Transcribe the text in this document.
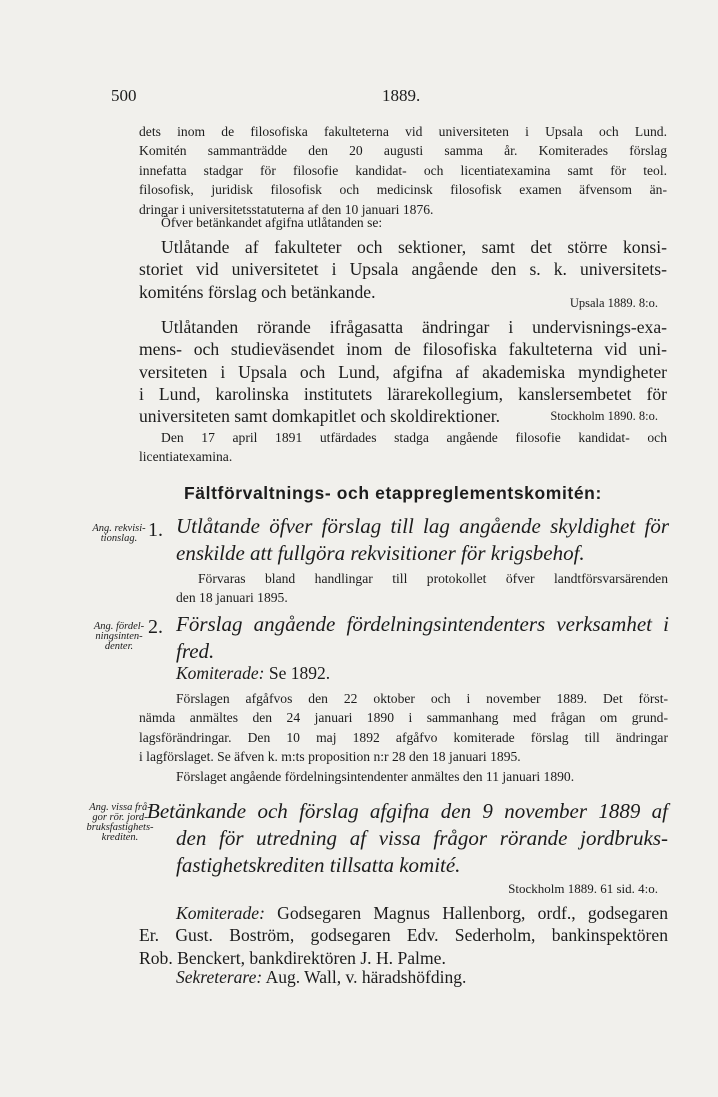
500	1889.
dets inom de filosofiska fakulteterna vid universiteten i Upsala och Lund.
Komitén sammanträdde den 20 augusti samma år. Komiterades förslag
innefatta stadgar för filosofie kandidat- och licentiatexamina samt för teol.
filosofisk, juridisk filosofisk och medicinsk filosofisk examen äfvensom än-
dringar i universitetsstatuterna af den 10 januari 1876.
Öfver betänkandet afgifna utlåtanden se:
Utlåtande af fakulteter och sektioner, samt det större konsi-
storiet vid universitetet i Upsala angående den s. k. universitets-
komiténs förslag och betänkande.
Upsala 1889. 8:o.
Utlåtanden rörande ifrågasatta ändringar i undervisnings-exa-
mens- och studieväsendet inom de filosofiska fakulteterna vid uni-
versiteten i Upsala och Lund, afgifna af akademiska myndigheter
i Lund, karolinska institutets lärarekollegium, kanslersembetet för
universiteten samt domkapitlet och skoldirektioner.	Stockholm 1890. 8:o.
Den 17 april 1891 utfärdades stadga angående filosofie kandidat- och
licentiatexamina.
Fältförvaltnings- och etappreglementskomitén:
Ang. rekvisi-
tionslag. 1. Utlåtande öfver förslag till lag angående skyldighet för
enskilde att fullgöra rekvisitioner för krigsbehof.
Förvaras bland handlingar till protokollet öfver landtförsvarsärenden
den 18 januari 1895.
Ang. fördel-
ningsinten-
denter.
2. Förslag angående fördelningsintendenters verksamhet i
fred.
Komiterade: Se 1892.
Förslagen afgåfvos den 22 oktober och i november 1889. Det först-
nämda anmältes den 24 januari 1890 i sammanhang med frågan om grund-
lagsförändringar. Den 10 maj 1892 afgåfvo komiterade förslag till ändringar
i lagförslaget. Se äfven k. m:ts proposition n:r 28 den 18 januari 1895.
Förslaget angående fördelningsintendenter anmältes den 11 januari 1890.
Ang. vissa frå-
gor rör. jord-
bruksfastighets-
krediten.
Betänkande och förslag afgifna den 9 november 1889 af
den för utredning af vissa frågor rörande jordbruks-
fastighetskrediten tillsatta komité.
Stockholm 1889. 61 sid. 4:o.
Komiterade: Godsegaren Magnus Hallenborg, ordf., godsegaren
Er. Gust. Boström, godsegaren Edv. Sederholm, bankinspektören
Rob. Benckert, bankdirektören J. H. Palme.
Sekreterare: Aug. Wall, v. häradshöfding.
